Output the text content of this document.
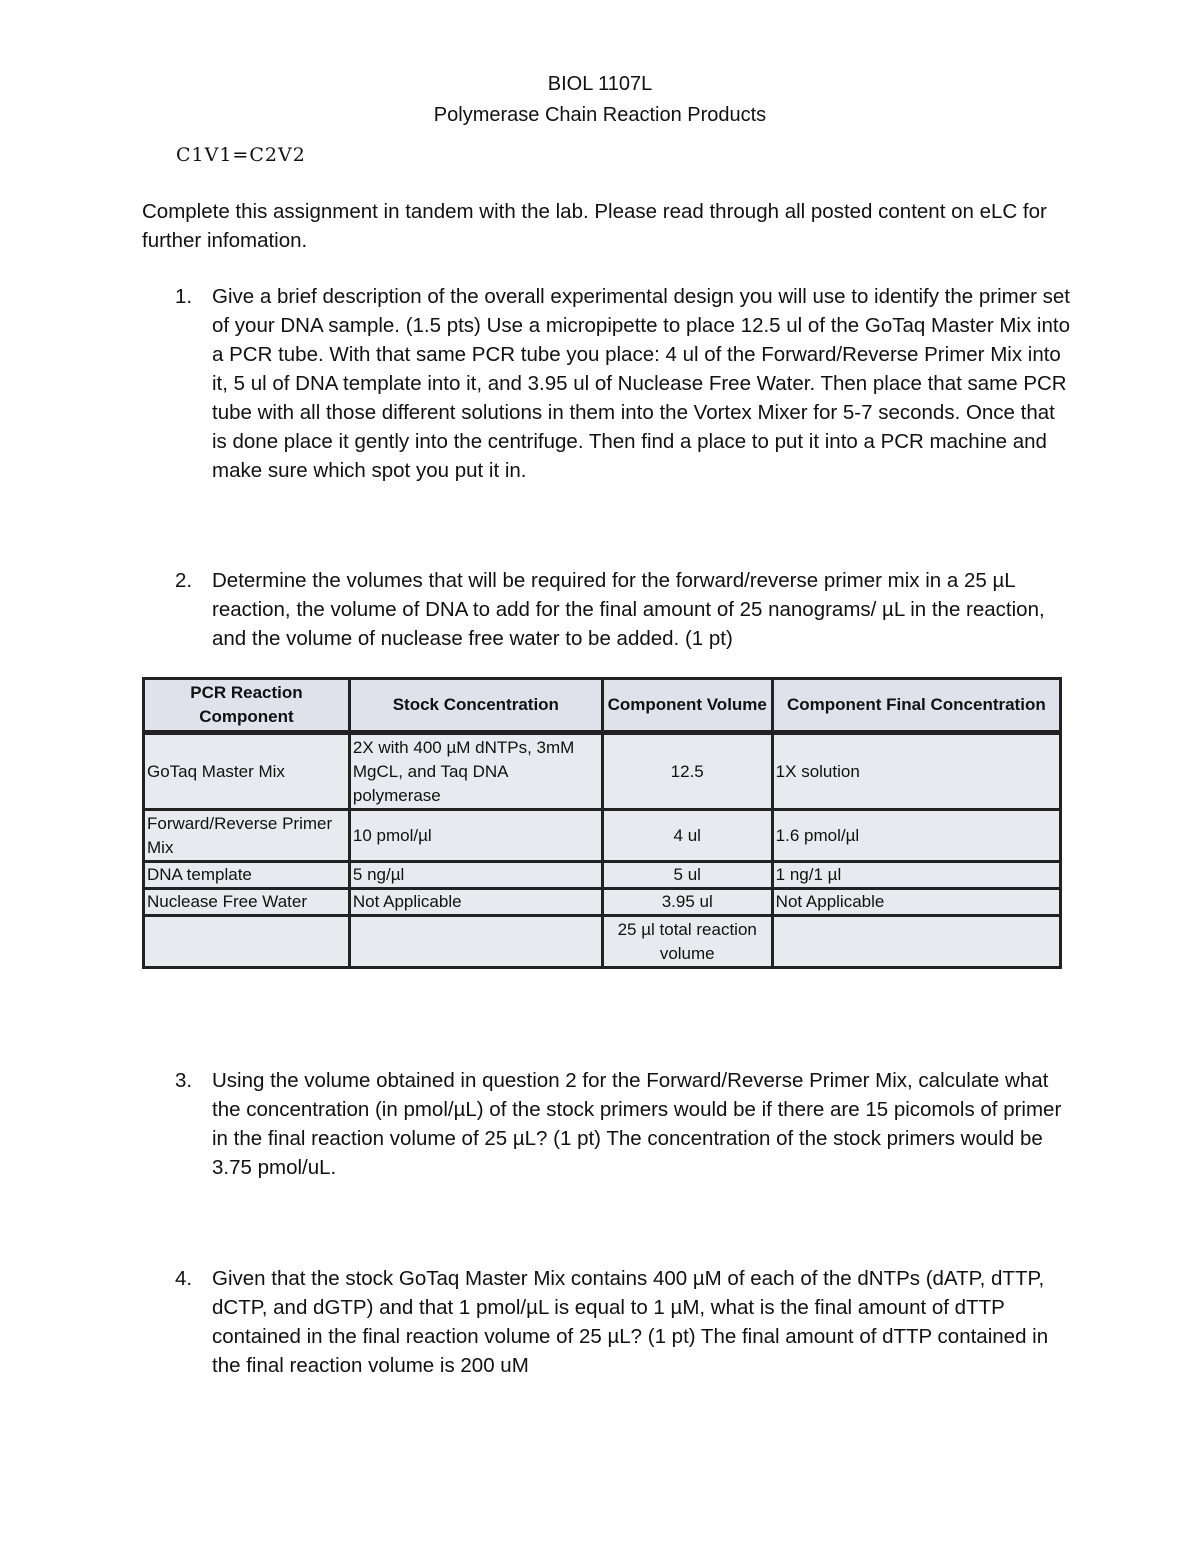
BIOL 1107L
Polymerase Chain Reaction Products
C1V1=C2V2

Complete this assignment in tandem with the lab. Please read through all posted content on eLC for further infomation.

1. Give a brief description of the overall experimental design you will use to identify the primer set of your DNA sample. (1.5 pts) Use a micropipette to place 12.5 ul of the GoTaq Master Mix into a PCR tube. With that same PCR tube you place: 4 ul of the Forward/Reverse Primer Mix into it, 5 ul of DNA template into it, and 3.95 ul of Nuclease Free Water. Then place that same PCR tube with all those different solutions in them into the Vortex Mixer for 5-7 seconds. Once that is done place it gently into the centrifuge. Then find a place to put it into a PCR machine and make sure which spot you put it in.
2. Determine the volumes that will be required for the forward/reverse primer mix in a 25 µL reaction, the volume of DNA to add for the final amount of 25 nanograms/ µL in the reaction, and the volume of nuclease free water to be added. (1 pt)
PCR Reaction Component	Stock Concentration	Component Volume	Component Final Concentration
GoTaq Master Mix	2X with 400 µM dNTPs, 3mM MgCL, and Taq DNA polymerase	12.5	1X solution
Forward/Reverse Primer Mix	10 pmol/µl	4 ul	1.6 pmol/µl
DNA template	5 ng/µl	5 ul	1 ng/1 µl
Nuclease Free Water	Not Applicable	3.95 ul	Not Applicable
		25 µl total reaction volume	
3. Using the volume obtained in question 2 for the Forward/Reverse Primer Mix, calculate what the concentration (in pmol/µL) of the stock primers would be if there are 15 picomols of primer in the final reaction volume of 25 µL? (1 pt) The concentration of the stock primers would be 3.75 pmol/uL.
4. Given that the stock GoTaq Master Mix contains 400 µM of each of the dNTPs (dATP, dTTP, dCTP, and dGTP) and that 1 pmol/µL is equal to 1 µM, what is the final amount of dTTP contained in the final reaction volume of 25 µL? (1 pt) The final amount of dTTP contained in the final reaction volume is 200 uM
